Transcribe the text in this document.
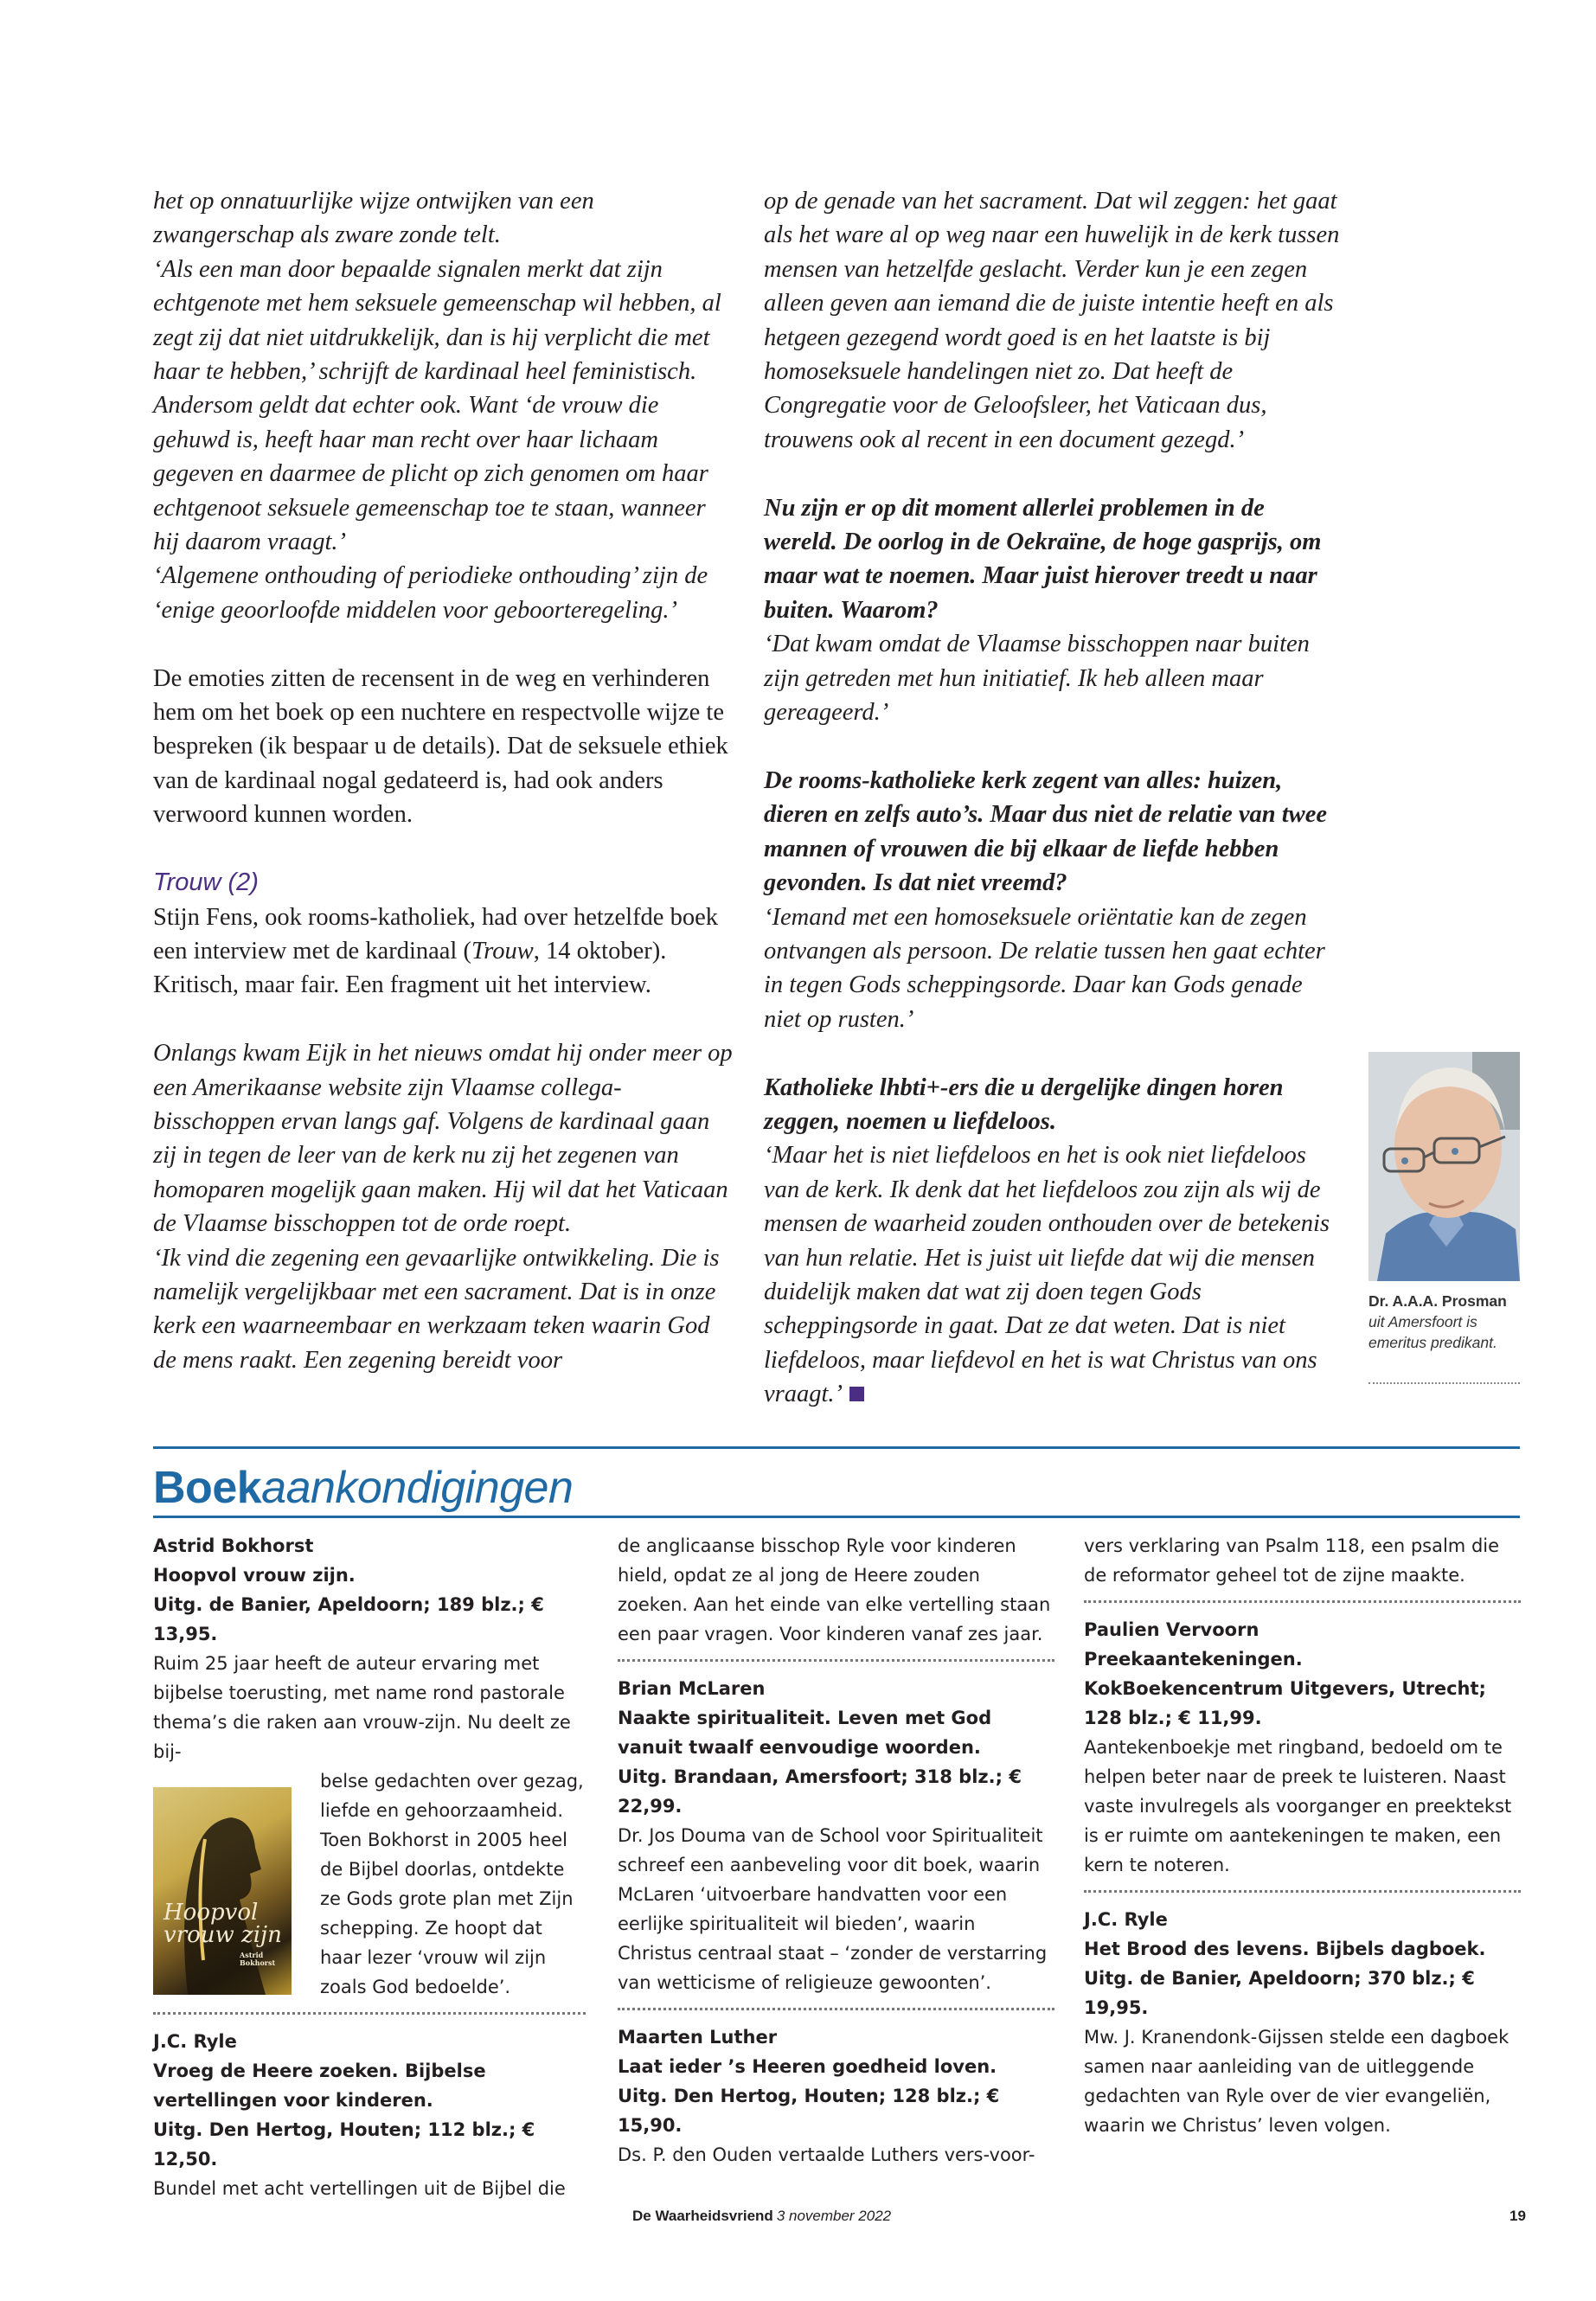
het op onnatuurlijke wijze ontwijken van een zwangerschap als zware zonde telt.

‘Als een man door bepaalde signalen merkt dat zijn echtgenote met hem seksuele gemeenschap wil hebben, al zegt zij dat niet uitdrukkelijk, dan is hij verplicht die met haar te hebben,’ schrijft de kardinaal heel feministisch. Andersom geldt dat echter ook. Want ‘de vrouw die gehuwd is, heeft haar man recht over haar lichaam gegeven en daarmee de plicht op zich genomen om haar echtgenoot seksuele gemeenschap toe te staan, wanneer hij daarom vraagt.’

‘Algemene onthouding of periodieke onthouding’ zijn de ‘enige geoorloofde middelen voor geboorteregeling.’

De emoties zitten de recensent in de weg en verhinderen hem om het boek op een nuchtere en respectvolle wijze te bespreken (ik bespaar u de details). Dat de seksuele ethiek van de kardinaal nogal gedateerd is, had ook anders verwoord kunnen worden.

Trouw (2)

Stijn Fens, ook rooms-katholiek, had over hetzelfde boek een interview met de kardinaal (Trouw, 14 oktober). Kritisch, maar fair. Een fragment uit het interview.

Onlangs kwam Eijk in het nieuws omdat hij onder meer op een Amerikaanse website zijn Vlaamse collega-bisschoppen ervan langs gaf. Volgens de kardinaal gaan zij in tegen de leer van de kerk nu zij het zegenen van homoparen mogelijk gaan maken. Hij wil dat het Vaticaan de Vlaamse bisschoppen tot de orde roept.

‘Ik vind die zegening een gevaarlijke ontwikkeling. Die is namelijk vergelijkbaar met een sacrament. Dat is in onze kerk een waarneembaar en werkzaam teken waarin God de mens raakt. Een zegening bereidt voor

op de genade van het sacrament. Dat wil zeggen: het gaat als het ware al op weg naar een huwelijk in de kerk tussen mensen van hetzelfde geslacht. Verder kun je een zegen alleen geven aan iemand die de juiste intentie heeft en als hetgeen gezegend wordt goed is en het laatste is bij homoseksuele handelingen niet zo. Dat heeft de Congregatie voor de Geloofsleer, het Vaticaan dus, trouwens ook al recent in een document gezegd.’

Nu zijn er op dit moment allerlei problemen in de wereld. De oorlog in de Oekraïne, de hoge gasprijs, om maar wat te noemen. Maar juist hierover treedt u naar buiten. Waarom?

‘Dat kwam omdat de Vlaamse bisschoppen naar buiten zijn getreden met hun initiatief. Ik heb alleen maar gereageerd.’

De rooms-katholieke kerk zegent van alles: huizen, dieren en zelfs auto’s. Maar dus niet de relatie van twee mannen of vrouwen die bij elkaar de liefde hebben gevonden. Is dat niet vreemd?

‘Iemand met een homoseksuele oriëntatie kan de zegen ontvangen als persoon. De relatie tussen hen gaat echter in tegen Gods scheppingsorde. Daar kan Gods genade niet op rusten.’

Katholieke lhbti+-ers die u dergelijke dingen horen zeggen, noemen u liefdeloos.

‘Maar het is niet liefdeloos en het is ook niet liefdeloos van de kerk. Ik denk dat het liefdeloos zou zijn als wij de mensen de waarheid zouden onthouden over de betekenis van hun relatie. Het is juist uit liefde dat wij die mensen duidelijk maken dat wat zij doen tegen Gods scheppingsorde in gaat. Dat ze dat weten. Dat is niet liefdeloos, maar liefdevol en het is wat Christus van ons vraagt.’

Dr. A.A.A. Prosman
uit Amersfoort is emeritus predikant.
Boekaankondigingen

Astrid Bokhorst

Hoopvol vrouw zijn.

Uitg. de Banier, Apeldoorn; 189 blz.; € 13,95.

Ruim 25 jaar heeft de auteur ervaring met bijbelse toerusting, met name rond pastorale thema’s die raken aan vrouw-zijn. Nu deelt ze bij-

Hoopvol vrouw zijn
Astrid Bokhorst

belse gedachten over gezag, liefde en gehoorzaamheid. Toen Bokhorst in 2005 heel de Bijbel doorlas, ontdekte ze Gods grote plan met Zijn schepping. Ze hoopt dat haar lezer ‘vrouw wil zijn zoals God bedoelde’.

J.C. Ryle

Vroeg de Heere zoeken. Bijbelse vertellingen voor kinderen.

Uitg. Den Hertog, Houten; 112 blz.; € 12,50.

Bundel met acht vertellingen uit de Bijbel die

de anglicaanse bisschop Ryle voor kinderen hield, opdat ze al jong de Heere zouden zoeken. Aan het einde van elke vertelling staan een paar vragen. Voor kinderen vanaf zes jaar.

Brian McLaren

Naakte spiritualiteit. Leven met God vanuit twaalf eenvoudige woorden.

Uitg. Brandaan, Amersfoort; 318 blz.; € 22,99.

Dr. Jos Douma van de School voor Spiritualiteit schreef een aanbeveling voor dit boek, waarin McLaren ‘uitvoerbare handvatten voor een eerlijke spiritualiteit wil bieden’, waarin Christus centraal staat – ‘zonder de verstarring van wetticisme of religieuze gewoonten’.

Maarten Luther

Laat ieder ’s Heeren goedheid loven.

Uitg. Den Hertog, Houten; 128 blz.; € 15,90.

Ds. P. den Ouden vertaalde Luthers vers-voor-

vers verklaring van Psalm 118, een psalm die de reformator geheel tot de zijne maakte.

Paulien Vervoorn

Preekaantekeningen.

KokBoekencentrum Uitgevers, Utrecht;

128 blz.; € 11,99.

Aantekenboekje met ringband, bedoeld om te helpen beter naar de preek te luisteren. Naast vaste invulregels als voorganger en preektekst is er ruimte om aantekeningen te maken, een kern te noteren.

J.C. Ryle

Het Brood des levens. Bijbels dagboek.

Uitg. de Banier, Apeldoorn; 370 blz.; € 19,95.

Mw. J. Kranendonk-Gijssen stelde een dagboek samen naar aanleiding van de uitleggende gedachten van Ryle over de vier evangeliën, waarin we Christus’ leven volgen.

De Waarheidsvriend 3 november 2022	19
